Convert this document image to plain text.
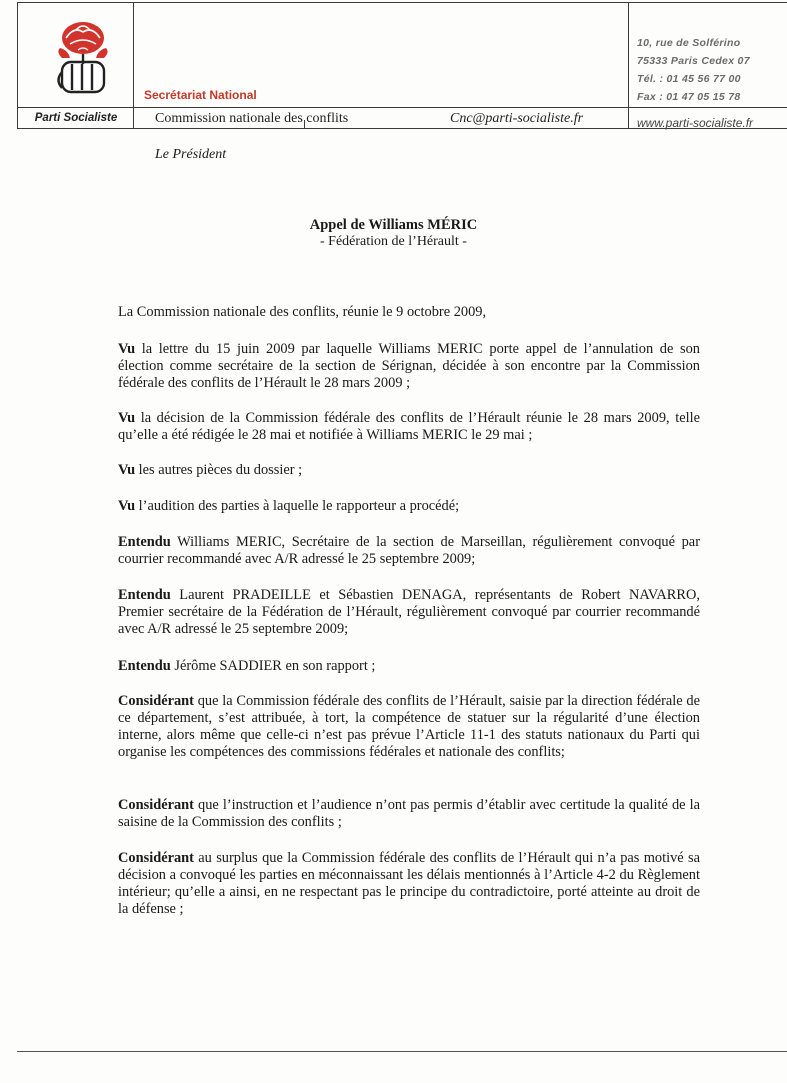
Parti Socialiste
Secrétariat National
Commission nationale des conflits	Cnc@parti-socialiste.fr
10, rue de Solférino
75333 Paris Cedex 07
Tél. : 01 45 56 77 00
Fax : 01 47 05 15 78
www.parti-socialiste.fr
Le Président
Appel de Williams MÉRIC
- Fédération de l’Hérault -

La Commission nationale des conflits, réunie le 9 octobre 2009,

Vu la lettre du 15 juin 2009 par laquelle Williams MERIC porte appel de l’annulation de son élection comme secrétaire de la section de Sérignan, décidée à son encontre par la Commission fédérale des conflits de l’Hérault le 28 mars 2009 ;

Vu la décision de la Commission fédérale des conflits de l’Hérault réunie le 28 mars 2009, telle qu’elle a été rédigée le 28 mai et notifiée à Williams MERIC le 29 mai ;

Vu les autres pièces du dossier ;

Vu l’audition des parties à laquelle le rapporteur a procédé;

Entendu Williams MERIC, Secrétaire de la section de Marseillan, régulièrement convoqué par courrier recommandé avec A/R adressé le 25 septembre 2009;

Entendu Laurent PRADEILLE et Sébastien DENAGA, représentants de Robert NAVARRO, Premier secrétaire de la Fédération de l’Hérault, régulièrement convoqué par courrier recommandé avec A/R adressé le 25 septembre 2009;

Entendu Jérôme SADDIER en son rapport ;

Considérant que la Commission fédérale des conflits de l’Hérault, saisie par la direction fédérale de ce département, s’est attribuée, à tort, la compétence de statuer sur la régularité d’une élection interne, alors même que celle-ci n’est pas prévue l’Article 11-1 des statuts nationaux du Parti qui organise les compétences des commissions fédérales et nationale des conflits;

Considérant que l’instruction et l’audience n’ont pas permis d’établir avec certitude la qualité de la saisine de la Commission des conflits ;

Considérant au surplus que la Commission fédérale des conflits de l’Hérault qui n’a pas motivé sa décision a convoqué les parties en méconnaissant les délais mentionnés à l’Article 4-2 du Règlement intérieur; qu’elle a ainsi, en ne respectant pas le principe du contradictoire, porté atteinte au droit de la défense ;
